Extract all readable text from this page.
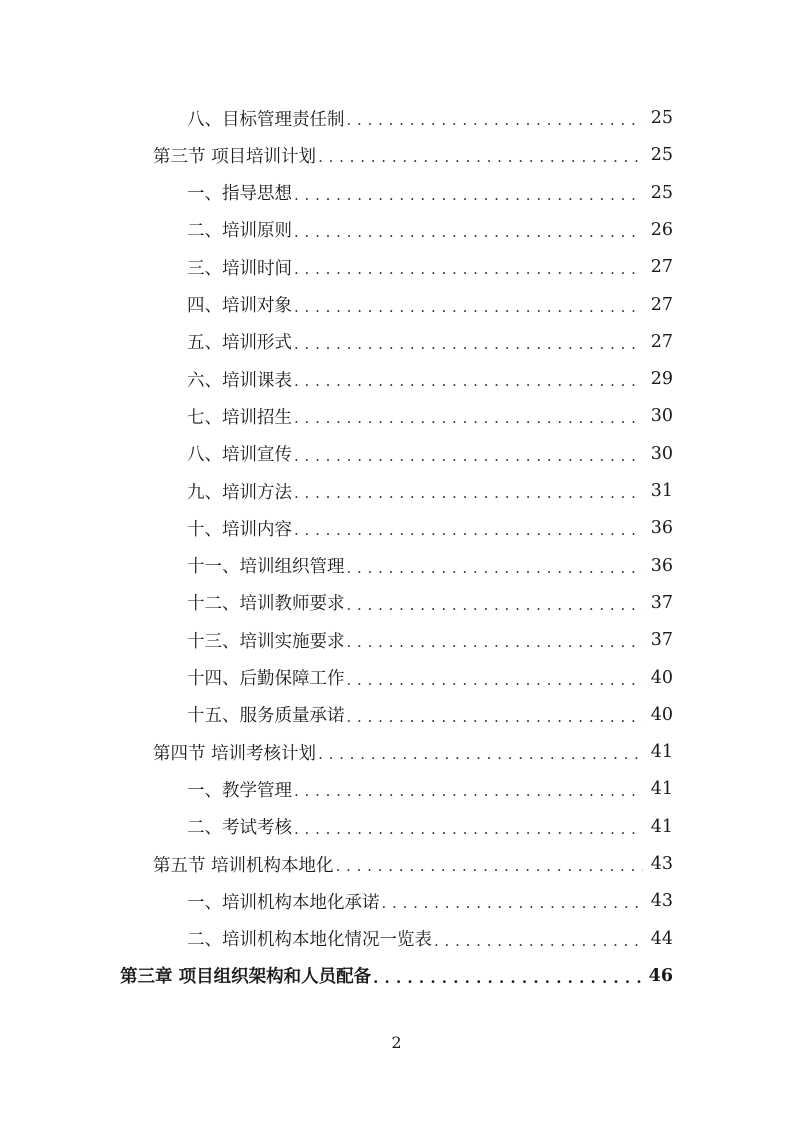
八、目标管理责任制 . . .	25
第三节 项目培训计划 . . .	25
一、指导思想 . . .	25
二、培训原则 . . .	26
三、培训时间 . . .	27
四、培训对象 . . .	27
五、培训形式 . . .	27
六、培训课表 . . .	29
七、培训招生 . . .	30
八、培训宣传 . . .	30
九、培训方法 . . .	31
十、培训内容 . . .	36
十一、培训组织管理 . . .	36
十二、培训教师要求 . . .	37
十三、培训实施要求 . . .	37
十四、后勤保障工作 . . .	40
十五、服务质量承诺 . . .	40
第四节 培训考核计划 . . .	41
一、教学管理 . . .	41
二、考试考核 . . .	41
第五节 培训机构本地化 . . .	43
一、培训机构本地化承诺 . . .	43
二、培训机构本地化情况一览表 . . .	44
第三章 项目组织架构和人员配备 . . .	46
2
